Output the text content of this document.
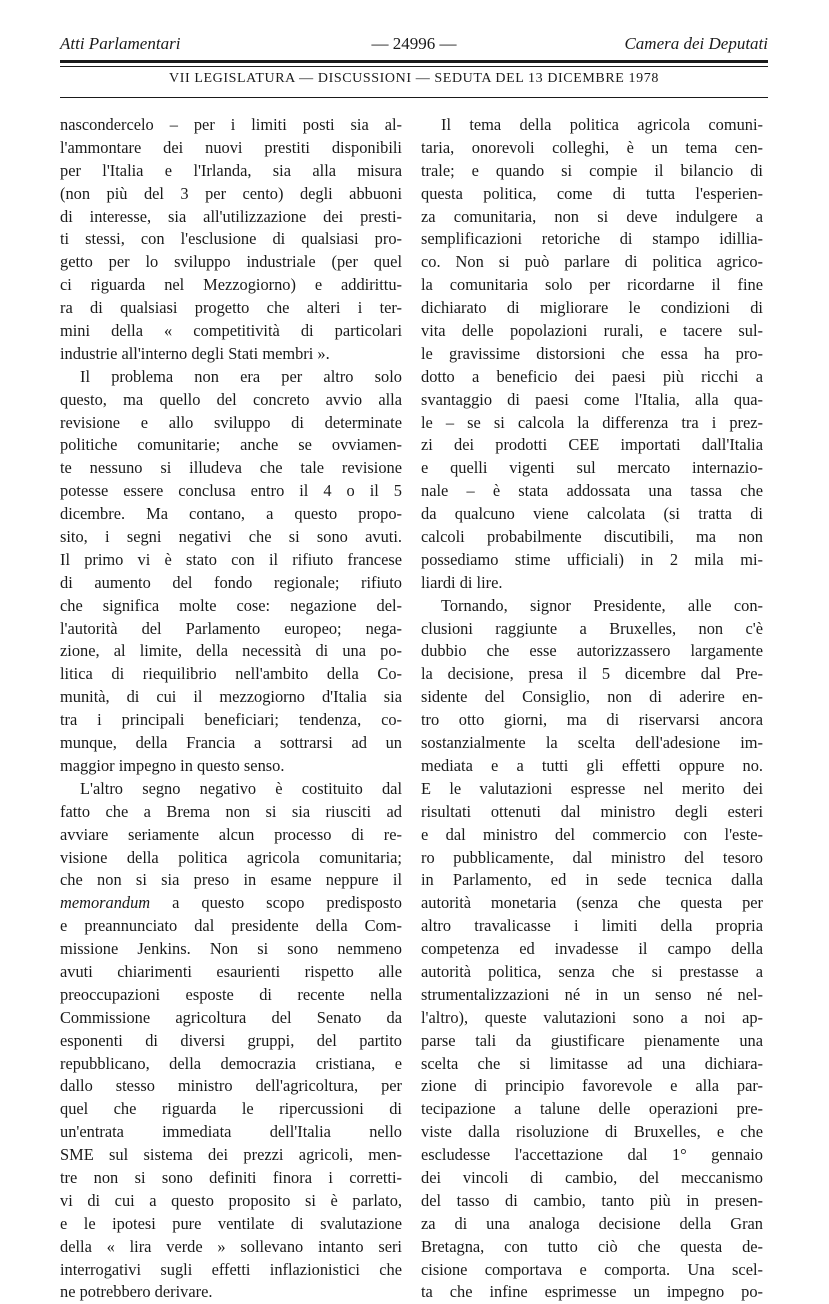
Atti Parlamentari	— 24996 —	Camera dei Deputati
VII LEGISLATURA — DISCUSSIONI — SEDUTA DEL 13 DICEMBRE 1978
nascondercelo – per i limiti posti sia al-
l'ammontare dei nuovi prestiti disponibili
per l'Italia e l'Irlanda, sia alla misura
(non più del 3 per cento) degli abbuoni
di interesse, sia all'utilizzazione dei presti-
ti stessi, con l'esclusione di qualsiasi pro-
getto per lo sviluppo industriale (per quel
ci riguarda nel Mezzogiorno) e addirittu-
ra di qualsiasi progetto che alteri i ter-
mini della « competitività di particolari
industrie all'interno degli Stati membri ».
Il problema non era per altro solo
questo, ma quello del concreto avvio alla
revisione e allo sviluppo di determinate
politiche comunitarie; anche se ovviamen-
te nessuno si illudeva che tale revisione
potesse essere conclusa entro il 4 o il 5
dicembre. Ma contano, a questo propo-
sito, i segni negativi che si sono avuti.
Il primo vi è stato con il rifiuto francese
di aumento del fondo regionale; rifiuto
che significa molte cose: negazione del-
l'autorità del Parlamento europeo; nega-
zione, al limite, della necessità di una po-
litica di riequilibrio nell'ambito della Co-
munità, di cui il mezzogiorno d'Italia sia
tra i principali beneficiari; tendenza, co-
munque, della Francia a sottrarsi ad un
maggior impegno in questo senso.
L'altro segno negativo è costituito dal
fatto che a Brema non si sia riusciti ad
avviare seriamente alcun processo di re-
visione della politica agricola comunitaria;
che non si sia preso in esame neppure il
memorandum a questo scopo predisposto
e preannunciato dal presidente della Com-
missione Jenkins. Non si sono nemmeno
avuti chiarimenti esaurienti rispetto alle
preoccupazioni esposte di recente nella
Commissione agricoltura del Senato da
esponenti di diversi gruppi, del partito
repubblicano, della democrazia cristiana, e
dallo stesso ministro dell'agricoltura, per
quel che riguarda le ripercussioni di
un'entrata immediata dell'Italia nello
SME sul sistema dei prezzi agricoli, men-
tre non si sono definiti finora i corretti-
vi di cui a questo proposito si è parlato,
e le ipotesi pure ventilate di svalutazione
della « lira verde » sollevano intanto seri
interrogativi sugli effetti inflazionistici che
ne potrebbero derivare.
Il tema della politica agricola comuni-
taria, onorevoli colleghi, è un tema cen-
trale; e quando si compie il bilancio di
questa politica, come di tutta l'esperien-
za comunitaria, non si deve indulgere a
semplificazioni retoriche di stampo idillia-
co. Non si può parlare di politica agrico-
la comunitaria solo per ricordarne il fine
dichiarato di migliorare le condizioni di
vita delle popolazioni rurali, e tacere sul-
le gravissime distorsioni che essa ha pro-
dotto a beneficio dei paesi più ricchi a
svantaggio di paesi come l'Italia, alla qua-
le – se si calcola la differenza tra i prez-
zi dei prodotti CEE importati dall'Italia
e quelli vigenti sul mercato internazio-
nale – è stata addossata una tassa che
da qualcuno viene calcolata (si tratta di
calcoli probabilmente discutibili, ma non
possediamo stime ufficiali) in 2 mila mi-
liardi di lire.
Tornando, signor Presidente, alle con-
clusioni raggiunte a Bruxelles, non c'è
dubbio che esse autorizzassero largamente
la decisione, presa il 5 dicembre dal Pre-
sidente del Consiglio, non di aderire en-
tro otto giorni, ma di riservarsi ancora
sostanzialmente la scelta dell'adesione im-
mediata e a tutti gli effetti oppure no.
E le valutazioni espresse nel merito dei
risultati ottenuti dal ministro degli esteri
e dal ministro del commercio con l'este-
ro pubblicamente, dal ministro del tesoro
in Parlamento, ed in sede tecnica dalla
autorità monetaria (senza che questa per
altro travalicasse i limiti della propria
competenza ed invadesse il campo della
autorità politica, senza che si prestasse a
strumentalizzazioni né in un senso né nel-
l'altro), queste valutazioni sono a noi ap-
parse tali da giustificare pienamente una
scelta che si limitasse ad una dichiara-
zione di principio favorevole e alla par-
tecipazione a talune delle operazioni pre-
viste dalla risoluzione di Bruxelles, e che
escludesse l'accettazione dal 1° gennaio
dei vincoli di cambio, del meccanismo
del tasso di cambio, tanto più in presen-
za di una analoga decisione della Gran
Bretagna, con tutto ciò che questa de-
cisione comportava e comporta. Una scel-
ta che infine esprimesse un impegno po-
